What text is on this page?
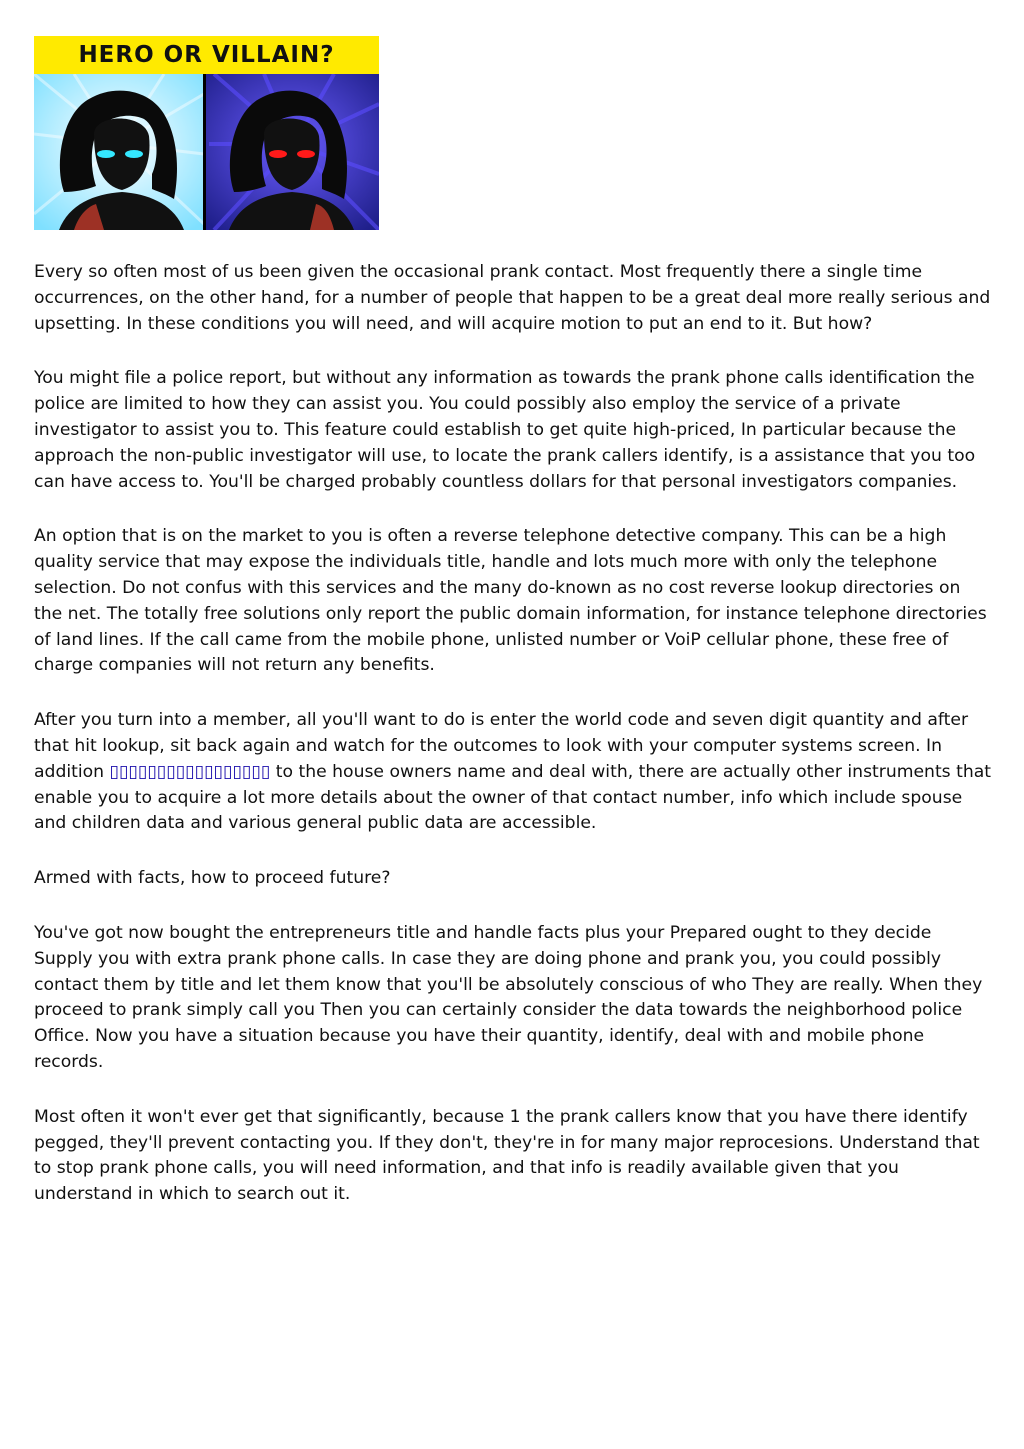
HERO OR VILLAIN?

Every so often most of us been given the occasional prank contact. Most frequently there a single time occurrences, on the other hand, for a number of people that happen to be a great deal more really serious and upsetting. In these conditions you will need, and will acquire motion to put an end to it. But how?

You might file a police report, but without any information as towards the prank phone calls identification the police are limited to how they can assist you. You could possibly also employ the service of a private investigator to assist you to. This feature could establish to get quite high-priced, In particular because the approach the non-public investigator will use, to locate the prank callers identify, is a assistance that you too can have access to. You'll be charged probably countless dollars for that personal investigators companies.

An option that is on the market to you is often a reverse telephone detective company. This can be a high quality service that may expose the individuals title, handle and lots much more with only the telephone selection. Do not confus with this services and the many do-known as no cost reverse lookup directories on the net. The totally free solutions only report the public domain information, for instance telephone directories of land lines. If the call came from the mobile phone, unlisted number or VoiP cellular phone, these free of charge companies will not return any benefits.

After you turn into a member, all you'll want to do is enter the world code and seven digit quantity and after that hit lookup, sit back again and watch for the outcomes to look with your computer systems screen. In addition ▯▯▯▯▯▯▯▯▯▯▯▯▯▯▯▯▯ to the house owners name and deal with, there are actually other instruments that enable you to acquire a lot more details about the owner of that contact number, info which include spouse and children data and various general public data are accessible.

Armed with facts, how to proceed future?

You've got now bought the entrepreneurs title and handle facts plus your Prepared ought to they decide Supply you with extra prank phone calls. In case they are doing phone and prank you, you could possibly contact them by title and let them know that you'll be absolutely conscious of who They are really. When they proceed to prank simply call you Then you can certainly consider the data towards the neighborhood police Office. Now you have a situation because you have their quantity, identify, deal with and mobile phone records.

Most often it won't ever get that significantly, because 1 the prank callers know that you have there identify pegged, they'll prevent contacting you. If they don't, they're in for many major reprocesions. Understand that to stop prank phone calls, you will need information, and that info is readily available given that you understand in which to search out it.
